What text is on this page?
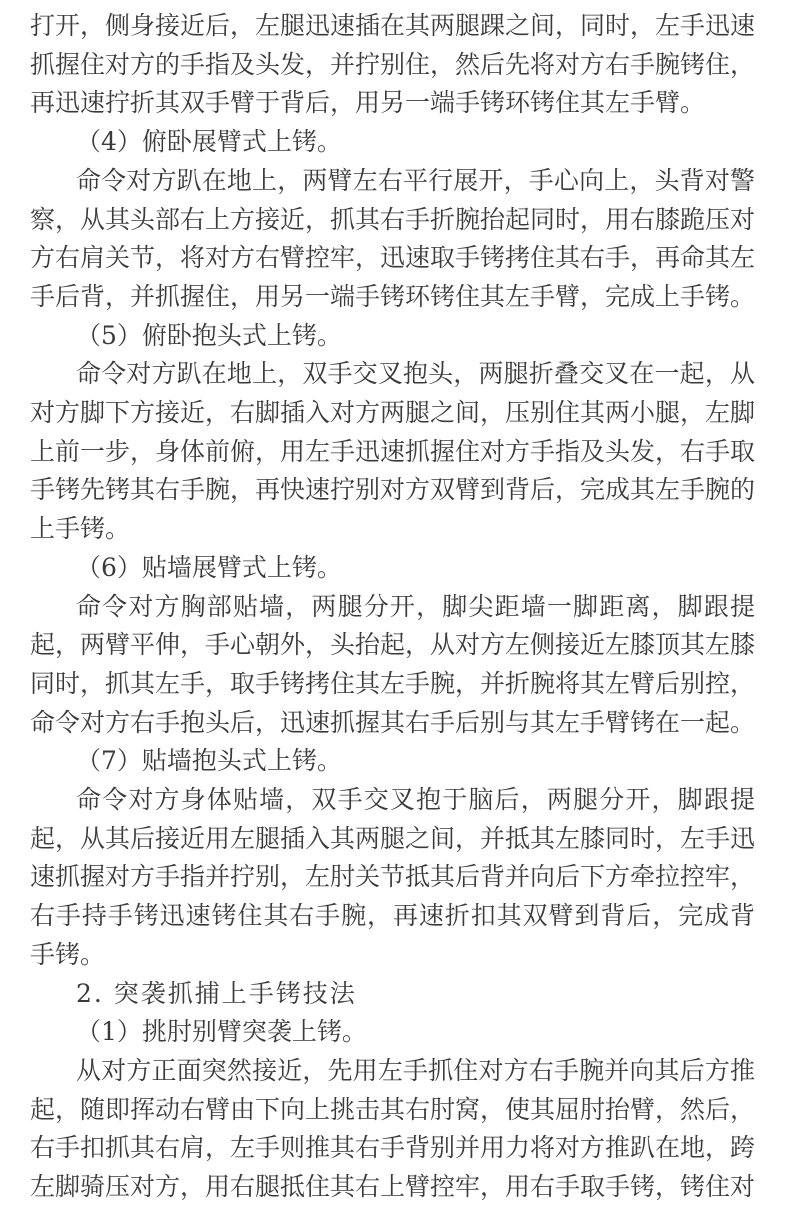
打开，侧身接近后，左腿迅速插在其两腿踝之间，同时，左手迅速
抓握住对方的手指及头发，并拧别住，然后先将对方右手腕铐住，
再迅速拧折其双手臂于背后，用另一端手铐环铐住其左手臂。
（4）俯卧展臂式上铐。
命令对方趴在地上，两臂左右平行展开，手心向上，头背对警
察，从其头部右上方接近，抓其右手折腕抬起同时，用右膝跪压对
方右肩关节，将对方右臂控牢，迅速取手铐拷住其右手，再命其左
手后背，并抓握住，用另一端手铐环铐住其左手臂，完成上手铐。
（5）俯卧抱头式上铐。
命令对方趴在地上，双手交叉抱头，两腿折叠交叉在一起，从
对方脚下方接近，右脚插入对方两腿之间，压别住其两小腿，左脚
上前一步，身体前俯，用左手迅速抓握住对方手指及头发，右手取
手铐先铐其右手腕，再快速拧别对方双臂到背后，完成其左手腕的
上手铐。
（6）贴墙展臂式上铐。
命令对方胸部贴墙，两腿分开，脚尖距墙一脚距离，脚跟提
起，两臂平伸，手心朝外，头抬起，从对方左侧接近左膝顶其左膝
同时，抓其左手，取手铐拷住其左手腕，并折腕将其左臂后别控，
命令对方右手抱头后，迅速抓握其右手后别与其左手臂铐在一起。
（7）贴墙抱头式上铐。
命令对方身体贴墙，双手交叉抱于脑后，两腿分开，脚跟提
起，从其后接近用左腿插入其两腿之间，并抵其左膝同时，左手迅
速抓握对方手指并拧别，左肘关节抵其后背并向后下方牵拉控牢，
右手持手铐迅速铐住其右手腕，再速折扣其双臂到背后，完成背
手铐。
2. 突袭抓捕上手铐技法
（1）挑肘别臂突袭上铐。
从对方正面突然接近，先用左手抓住对方右手腕并向其后方推
起，随即挥动右臂由下向上挑击其右肘窝，使其屈肘抬臂，然后，
右手扣抓其右肩，左手则推其右手背别并用力将对方推趴在地，跨
左脚骑压对方，用右腿抵住其右上臂控牢，用右手取手铐，铐住对
